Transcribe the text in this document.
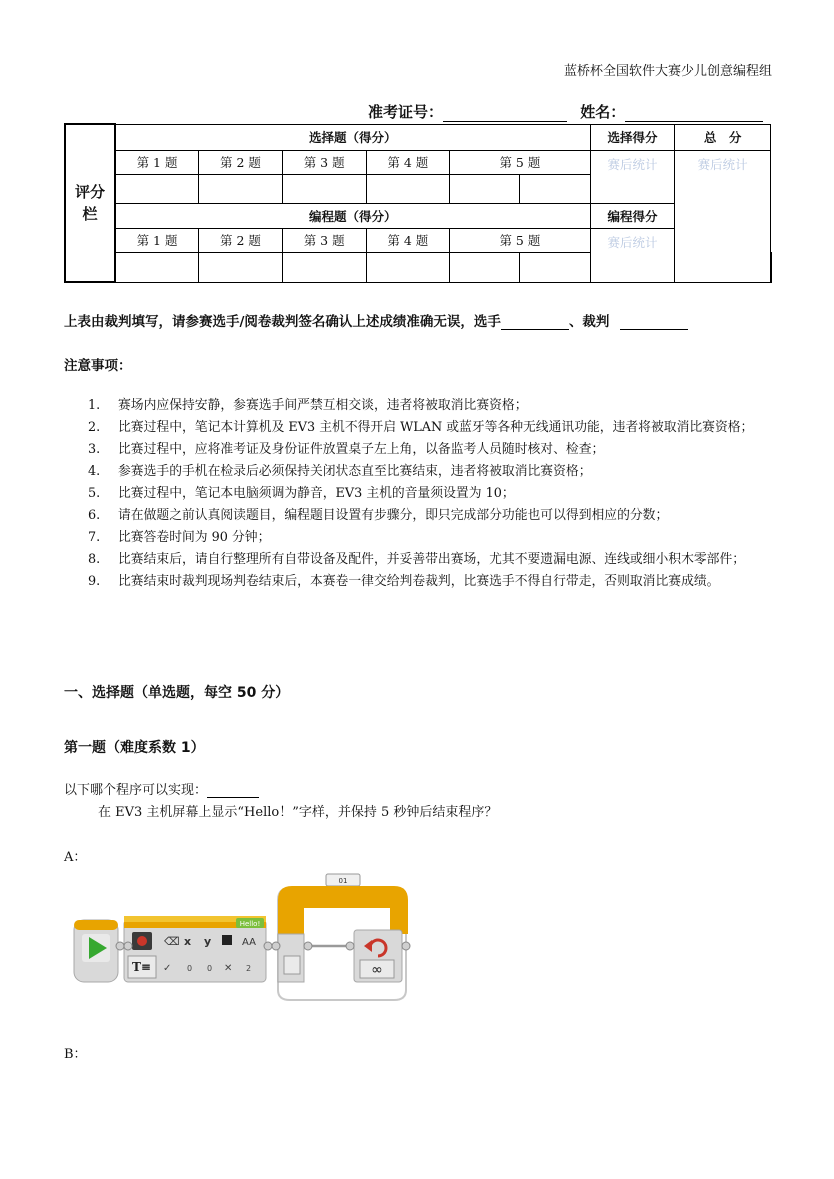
蓝桥杯全国软件大赛少儿创意编程组
准考证号：	姓名：
评分栏	选择题（得分）						选择得分	总　分	
	第 1 题	第 2 题	第 3 题	第 4 题	第 5 题		赛后统计	赛后统计	

	编程题（得分）						编程得分		
	第 1 题	第 2 题	第 3 题	第 4 题	第 5 题		赛后统计		

上表由裁判填写，请参赛选手/阅卷裁判签名确认上述成绩准确无误，选手	、裁判
注意事项：
1. 赛场内应保持安静，参赛选手间严禁互相交谈，违者将被取消比赛资格；
2. 比赛过程中，笔记本计算机及 EV3 主机不得开启 WLAN 或蓝牙等各种无线通讯功能，违者将被取消比赛资格；
3. 比赛过程中，应将准考证及身份证件放置桌子左上角，以备监考人员随时核对、检查；
4. 参赛选手的手机在检录后必须保持关闭状态直至比赛结束，违者将被取消比赛资格；
5. 比赛过程中，笔记本电脑须调为静音，EV3 主机的音量须设置为 10；
6. 请在做题之前认真阅读题目，编程题目设置有步骤分，即只完成部分功能也可以得到相应的分数；
7. 比赛答卷时间为 90 分钟；
8. 比赛结束后，请自行整理所有自带设备及配件，并妥善带出赛场，尤其不要遗漏电源、连线或细小积木零部件；
9. 比赛结束时裁判现场判卷结束后，本赛卷一律交给判卷裁判，比赛选手不得自行带走，否则取消比赛成绩。
一、选择题（单选题，每空 50 分）
第一题（难度系数 1）
以下哪个程序可以实现：
在 EV3 主机屏幕上显示“Hello！”字样，并保持 5 秒钟后结束程序？
A：
Hello!
⌫ x y	AA
T≡ ✓ 0 0 ✕ 2
01
∞
B：
